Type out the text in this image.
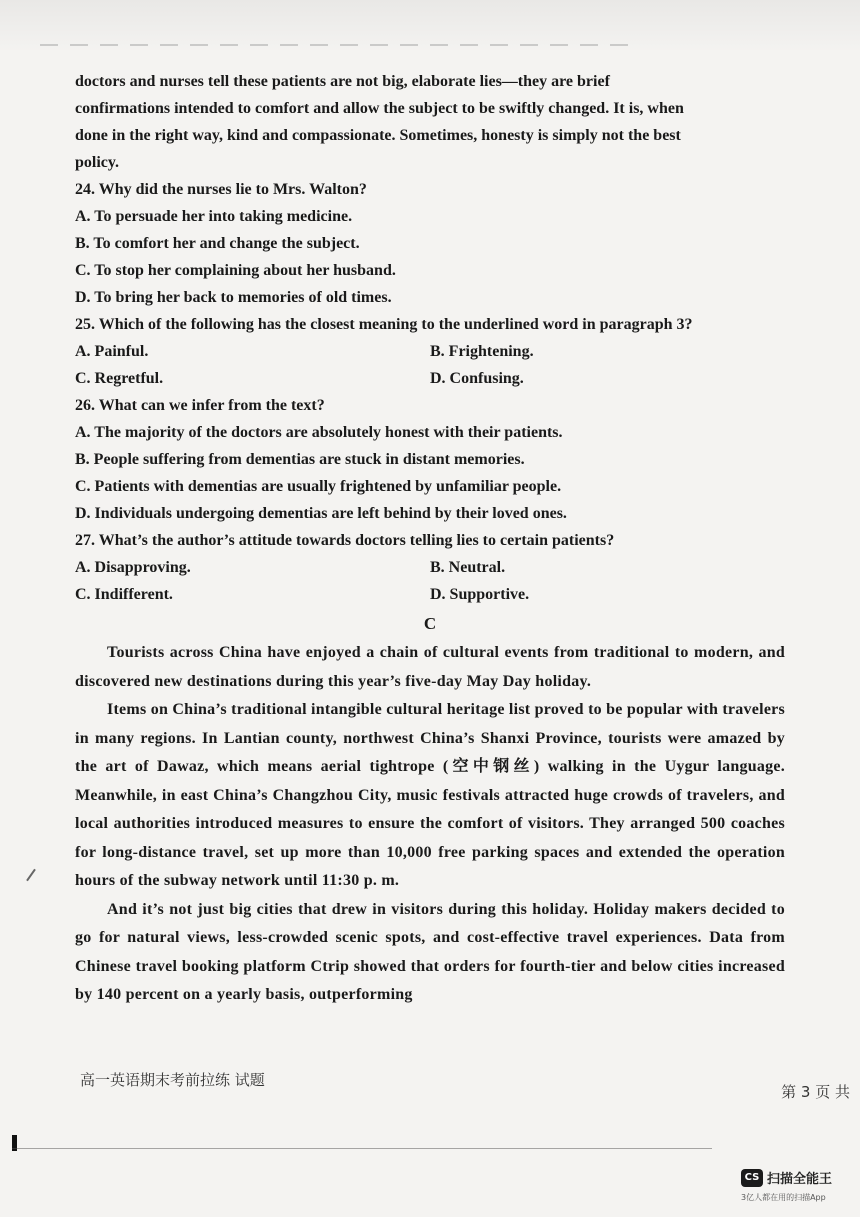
doctors and nurses tell these patients are not big, elaborate lies—they are brief

confirmations intended to comfort and allow the subject to be swiftly changed. It is, when

done in the right way, kind and compassionate. Sometimes, honesty is simply not the best

policy.

24. Why did the nurses lie to Mrs. Walton?

A. To persuade her into taking medicine.

B. To comfort her and change the subject.

C. To stop her complaining about her husband.

D. To bring her back to memories of old times.

25. Which of the following has the closest meaning to the underlined word in paragraph 3?

A. Painful.	B. Frightening.
C. Regretful.	D. Confusing.

26. What can we infer from the text?

A. The majority of the doctors are absolutely honest with their patients.

B. People suffering from dementias are stuck in distant memories.

C. Patients with dementias are usually frightened by unfamiliar people.

D. Individuals undergoing dementias are left behind by their loved ones.

27. What’s the author’s attitude towards doctors telling lies to certain patients?

A. Disapproving.	B. Neutral.
C. Indifferent.	D. Supportive.
C

Tourists across China have enjoyed a chain of cultural events from traditional to modern, and discovered new destinations during this year’s five-day May Day holiday.

Items on China’s traditional intangible cultural heritage list proved to be popular with travelers in many regions. In Lantian county, northwest China’s Shanxi Province, tourists were amazed by the art of Dawaz, which means aerial tightrope (空中钢丝) walking in the Uygur language. Meanwhile, in east China’s Changzhou City, music festivals attracted huge crowds of travelers, and local authorities introduced measures to ensure the comfort of visitors. They arranged 500 coaches for long-distance travel, set up more than 10,000 free parking spaces and extended the operation hours of the subway network until 11:30 p. m.

And it’s not just big cities that drew in visitors during this holiday. Holiday makers decided to go for natural views, less-crowded scenic spots, and cost-effective travel experiences. Data from Chinese travel booking platform Ctrip showed that orders for fourth-tier and below cities increased by 140 percent on a yearly basis, outperforming

高一英语期末考前拉练 试题
第 3 页 共
CS 扫描全能王
3亿人都在用的扫描App
